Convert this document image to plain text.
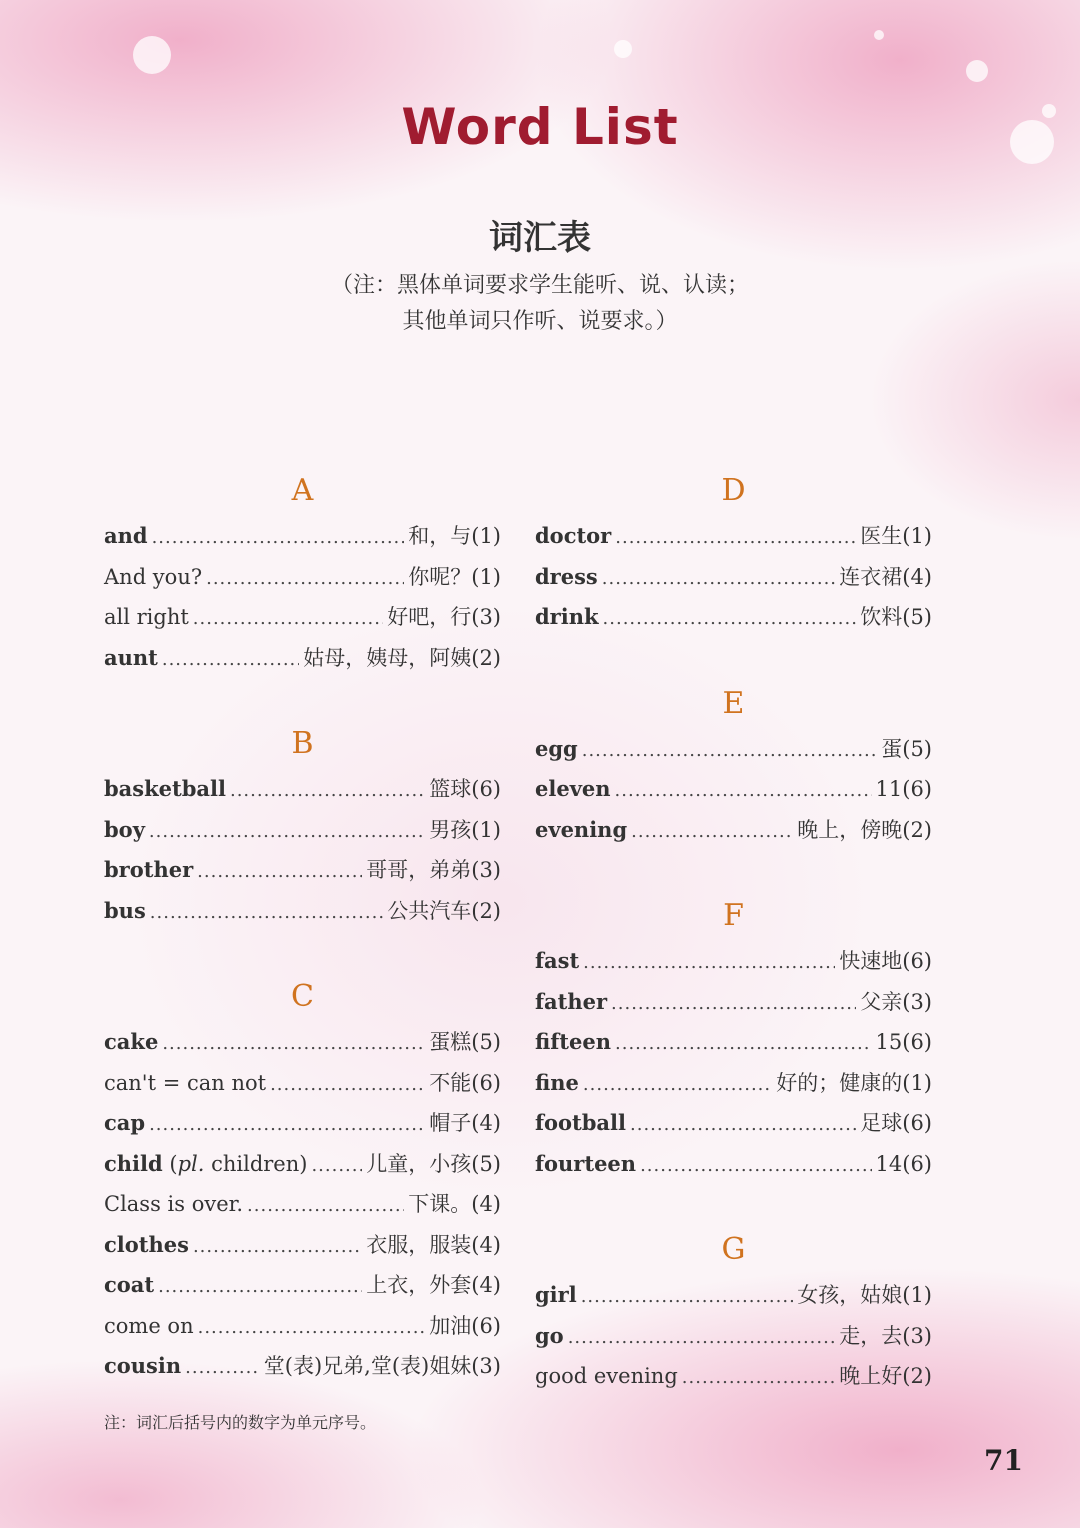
Word List
词汇表
（注：黑体单词要求学生能听、说、认读；
其他单词只作听、说要求。）
A
and .....	和，与(1)
And you? .....	你呢？(1)
all right .....	好吧，行(3)
aunt .....	姑母，姨母，阿姨(2)
B
basketball .....	篮球(6)
boy .....	男孩(1)
brother .....	哥哥，弟弟(3)
bus .....	公共汽车(2)
C
cake .....	蛋糕(5)
can't = can not .....	不能(6)
cap .....	帽子(4)
child (pl. children) .....	儿童，小孩(5)
Class is over. .....	下课。(4)
clothes .....	衣服，服装(4)
coat .....	上衣，外套(4)
come on .....	加油(6)
cousin .....	堂(表)兄弟,堂(表)姐妹(3)
D
doctor .....	医生(1)
dress .....	连衣裙(4)
drink .....	饮料(5)
E
egg .....	蛋(5)
eleven .....	11(6)
evening .....	晚上，傍晚(2)
F
fast .....	快速地(6)
father .....	父亲(3)
fifteen .....	15(6)
fine .....	好的；健康的(1)
football .....	足球(6)
fourteen .....	14(6)
G
girl .....	女孩，姑娘(1)
go .....	走，去(3)
good evening .....	晚上好(2)
注：词汇后括号内的数字为单元序号。
71
